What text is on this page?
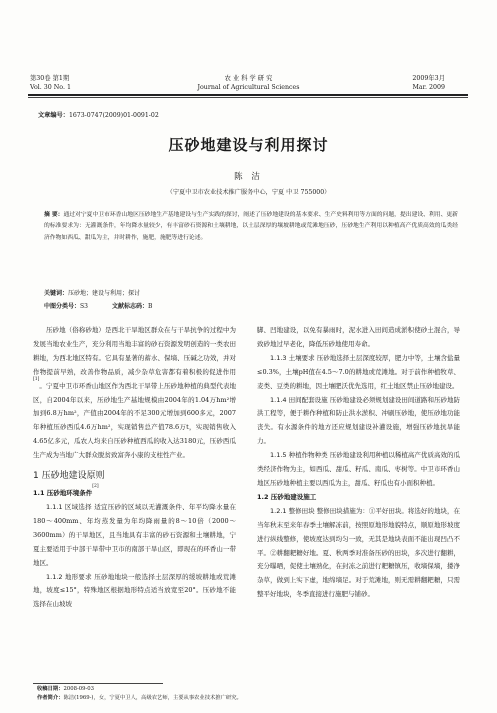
第30卷 第1期
Vol. 30 No. 1
农 业 科 学 研 究
Journal of Agricultural Sciences
2009年3月
Mar. 2009
文章编号：1673-0747(2009)01-0091-02
压砂地建设与利用探讨
陈 洁
（宁夏中卫市农业技术推广服务中心，宁夏 中卫 755000）
摘 要：通过对宁夏中卫市环香山地区压砂地生产基地建设与生产实践的探讨，阐述了压砂地建设的基本要求、生产史料利用等方面的问题，提出建设、利用、更新的标准要求为：无灌溉条件，年均降水量较少，有丰富砂石资源和土壤耕地，以土层深厚的壤坡耕地或荒滩地压砂，压砂地生产利用以种植高产优质高效的瓜类经济作物如西瓜、甜瓜为主，并时耕作，施肥，施肥等进行论述。
关键词：压砂地；建设与利用；探讨
中图分类号：S3	文献标志码：B

压砂地（俗称砂地）是西北干旱地区群众在与干旱抗争的过程中为发展当地农业生产，充分利用当地丰富的砂石资源发明创造的一类农田耕地，为西北地区特有。它具有显著的蓄水、保墒、压碱之功效，并对作物提前早熟，改善作物品质，减少杂草危害都有着积极的促进作用[1]。宁夏中卫市环香山地区作为西北干旱带上压砂地种植的典型代表地区，自2004年以来，压砂地生产基地规模由2004年的1.04万hm²增加到6.8万hm²，产值由2004年的不足300元增加到600多元，2007年种植压砂西瓜4.6万hm²，实现销售总产值78.6万t，实现销售收入4.65亿多元，瓜农人均来自压砂种植西瓜的收入达3180元，压砂西瓜生产成为当地广大群众脱贫致富奔小康的支柱性产业。

1 压砂地建设原则
1.1 压砂地环境条件[2]

1.1.1 区域选择 适宜压砂的区域以无灌溉条件、年平均降水量在180～400mm、年均蒸发量为年均降雨量的8～10倍（2000～3600mm）的干旱地区，且当地具有丰富的砂石资源和土壤耕地，宁夏主要适用于中部干旱带中卫市的南部干旱山区，即现在的环香山一带地区。

1.1.2 地形要求 压砂地地块一般选择土层深厚的缓坡耕地或荒滩地，坡度≤15°，特殊地区根据地形特点适当放宽至20°。压砂地不能选择在山坡坡

脚、凹地建设，以免有暴雨时，泥水进入田间造成淤积使砂土混合，导致砂地过早老化，降低压砂地使用寿命。

1.1.3 土壤要求 压砂地选择土层深度较厚，肥力中等，土壤含盐量≤0.3%，土壤pH值在4.5～7.0的耕地或荒滩地。对于前作种植牧草、麦类、豆类的耕地，因土壤肥沃优先选用，红土地区禁止压砂地建设。

1.1.4 田间配套设施 压砂地建设必须规划建设田间道路和压砂地防洪工程等，便于耕作种植和防止洪水淤积、冲刷压砂地，使压砂地功能丧失。有水源条件的地方还应规划建设补灌设施，增强压砂地抗旱能力。

1.1.5 种植作物种类 压砂地建设利用种植以稀植高产优质高效的瓜类经济作物为主，如西瓜、甜瓜、籽瓜、南瓜、枣树等。中卫市环香山地区压砂地种植主要以西瓜为主，甜瓜、籽瓜也有小面积种植。

1.2 压砂地建设施工

1.2.1 整修田块 整修田块措施为：①平好田块。将选好的地块，在当年秋末至来年春季土壤解冻前，按照原地形地貌特点，顺原地形坡度进行纵线整修，使坡度达到均匀一致，无其是地块表面不能出现凹凸不平。②耕翻耙耱好地。夏、秋两季对准备压砂的田块，多次进行翻耕，充分曝晒，促使土壤熟化，在封冻之前进行耙耱镇压，收墒保墒，搂净杂草，做到上实下虚，地绵墒足。对于荒滩地，则无需耕翻耙耱，只需整平好地块，冬季直接进行施肥与铺砂。

收稿日期：2008-09-03
作者简介：陈洁(1969-)，女，宁夏中卫人，高级农艺师，主要从事农业技术推广研究。
